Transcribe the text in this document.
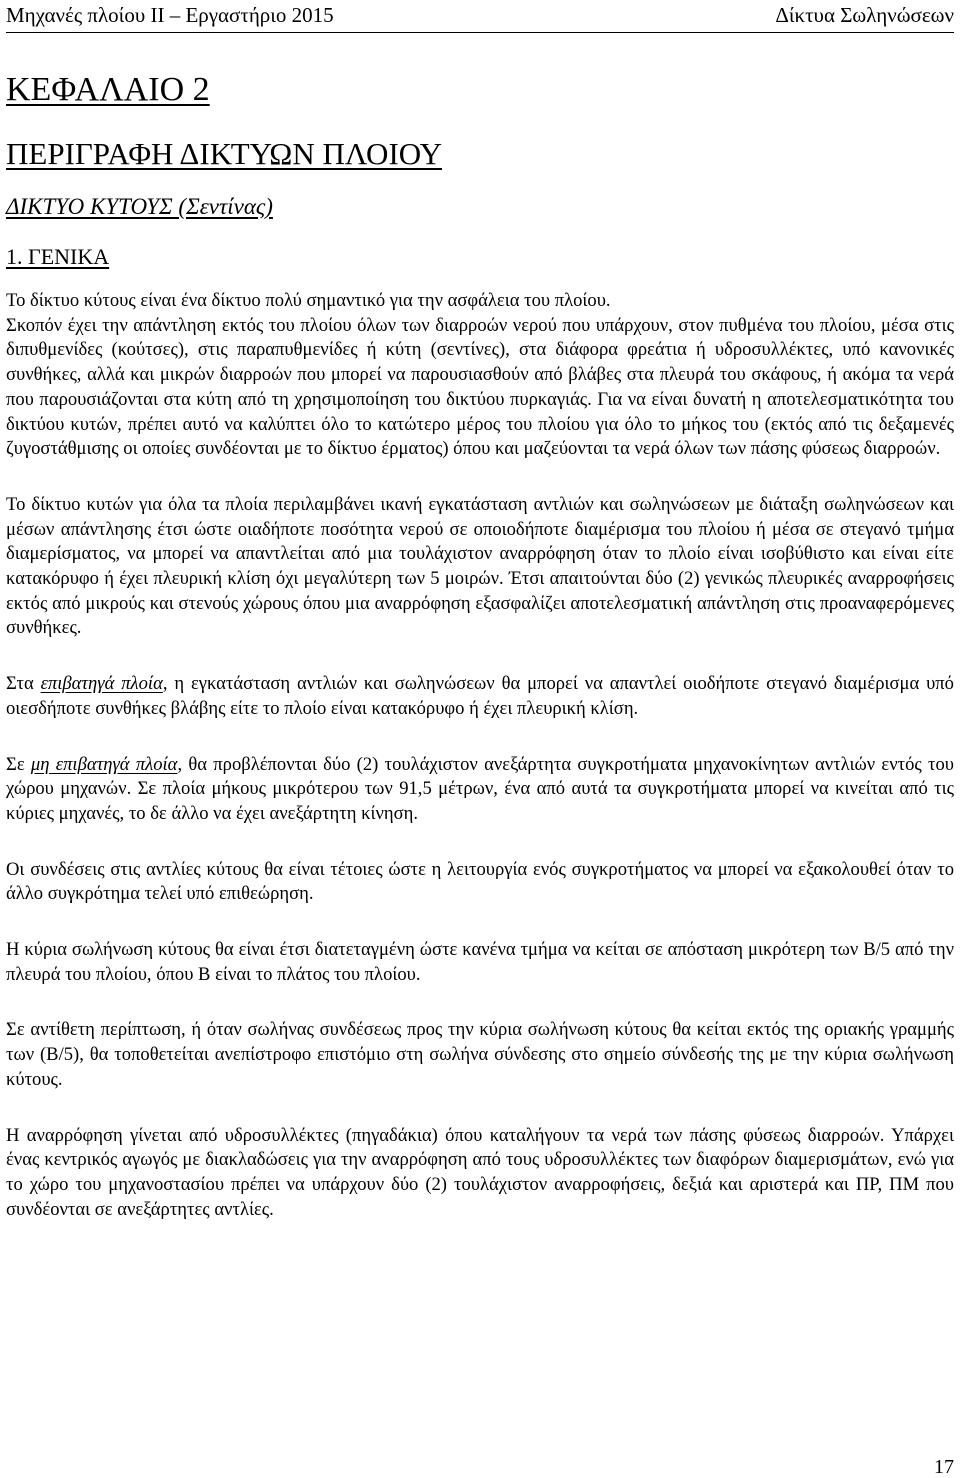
Μηχανές πλοίου ΙΙ – Εργαστήριο 2015	Δίκτυα Σωληνώσεων
ΚΕΦΑΛΑΙΟ 2
ΠΕΡΙΓΡΑΦΗ ΔΙΚΤΥΩΝ ΠΛΟΙΟΥ
ΔΙΚΤΥΟ ΚΥΤΟΥΣ (Σεντίνας)
1. ΓΕΝΙΚΑ

Το δίκτυο κύτους είναι ένα δίκτυο πολύ σημαντικό για την ασφάλεια του πλοίου.

Σκοπόν έχει την απάντληση εκτός του πλοίου όλων των διαρροών νερού που υπάρχουν, στον πυθμένα του πλοίου, μέσα στις διπυθμενίδες (κούτσες), στις παραπυθμενίδες ή κύτη (σεντίνες), στα διάφορα φρεάτια ή υδροσυλλέκτες, υπό κανονικές συνθήκες, αλλά και μικρών διαρροών που μπορεί να παρουσιασθούν από βλάβες στα πλευρά του σκάφους, ή ακόμα τα νερά που παρουσιάζονται στα κύτη από τη χρησιμοποίηση του δικτύου πυρκαγιάς. Για να είναι δυνατή η αποτελεσματικότητα του δικτύου κυτών, πρέπει αυτό να καλύπτει όλο το κατώτερο μέρος του πλοίου για όλο το μήκος του (εκτός από τις δεξαμενές ζυγοστάθμισης οι οποίες συνδέονται με το δίκτυο έρματος) όπου και μαζεύονται τα νερά όλων των πάσης φύσεως διαρροών.

Το δίκτυο κυτών για όλα τα πλοία περιλαμβάνει ικανή εγκατάσταση αντλιών και σωληνώσεων με διάταξη σωληνώσεων και μέσων απάντλησης έτσι ώστε οιαδήποτε ποσότητα νερού σε οποιοδήποτε διαμέρισμα του πλοίου ή μέσα σε στεγανό τμήμα διαμερίσματος, να μπορεί να απαντλείται από μια τουλάχιστον αναρρόφηση όταν το πλοίο είναι ισοβύθιστο και είναι είτε κατακόρυφο ή έχει πλευρική κλίση όχι μεγαλύτερη των 5 μοιρών. Έτσι απαιτούνται δύο (2) γενικώς πλευρικές αναρροφήσεις εκτός από μικρούς και στενούς χώρους όπου μια αναρρόφηση εξασφαλίζει αποτελεσματική απάντληση στις προαναφερόμενες συνθήκες.

Στα επιβατηγά πλοία, η εγκατάσταση αντλιών και σωληνώσεων θα μπορεί να απαντλεί οιοδήποτε στεγανό διαμέρισμα υπό οιεσδήποτε συνθήκες βλάβης είτε το πλοίο είναι κατακόρυφο ή έχει πλευρική κλίση.

Σε μη επιβατηγά πλοία, θα προβλέπονται δύο (2) τουλάχιστον ανεξάρτητα συγκροτήματα μηχανοκίνητων αντλιών εντός του χώρου μηχανών. Σε πλοία μήκους μικρότερου των 91,5 μέτρων, ένα από αυτά τα συγκροτήματα μπορεί να κινείται από τις κύριες μηχανές, το δε άλλο να έχει ανεξάρτητη κίνηση.

Οι συνδέσεις στις αντλίες κύτους θα είναι τέτοιες ώστε η λειτουργία ενός συγκροτήματος να μπορεί να εξακολουθεί όταν το άλλο συγκρότημα τελεί υπό επιθεώρηση.

Η κύρια σωλήνωση κύτους θα είναι έτσι διατεταγμένη ώστε κανένα τμήμα να κείται σε απόσταση μικρότερη των Β/5 από την πλευρά του πλοίου, όπου Β είναι το πλάτος του πλοίου.

Σε αντίθετη περίπτωση, ή όταν σωλήνας συνδέσεως προς την κύρια σωλήνωση κύτους θα κείται εκτός της οριακής γραμμής των (Β/5), θα τοποθετείται ανεπίστροφο επιστόμιο στη σωλήνα σύνδεσης στο σημείο σύνδεσής της με την κύρια σωλήνωση κύτους.

Η αναρρόφηση γίνεται από υδροσυλλέκτες (πηγαδάκια) όπου καταλήγουν τα νερά των πάσης φύσεως διαρροών. Υπάρχει ένας κεντρικός αγωγός με διακλαδώσεις για την αναρρόφηση από τους υδροσυλλέκτες των διαφόρων διαμερισμάτων, ενώ για το χώρο του μηχανοστασίου πρέπει να υπάρχουν δύο (2) τουλάχιστον αναρροφήσεις, δεξιά και αριστερά και ΠΡ, ΠΜ που συνδέονται σε ανεξάρτητες αντλίες.

17
